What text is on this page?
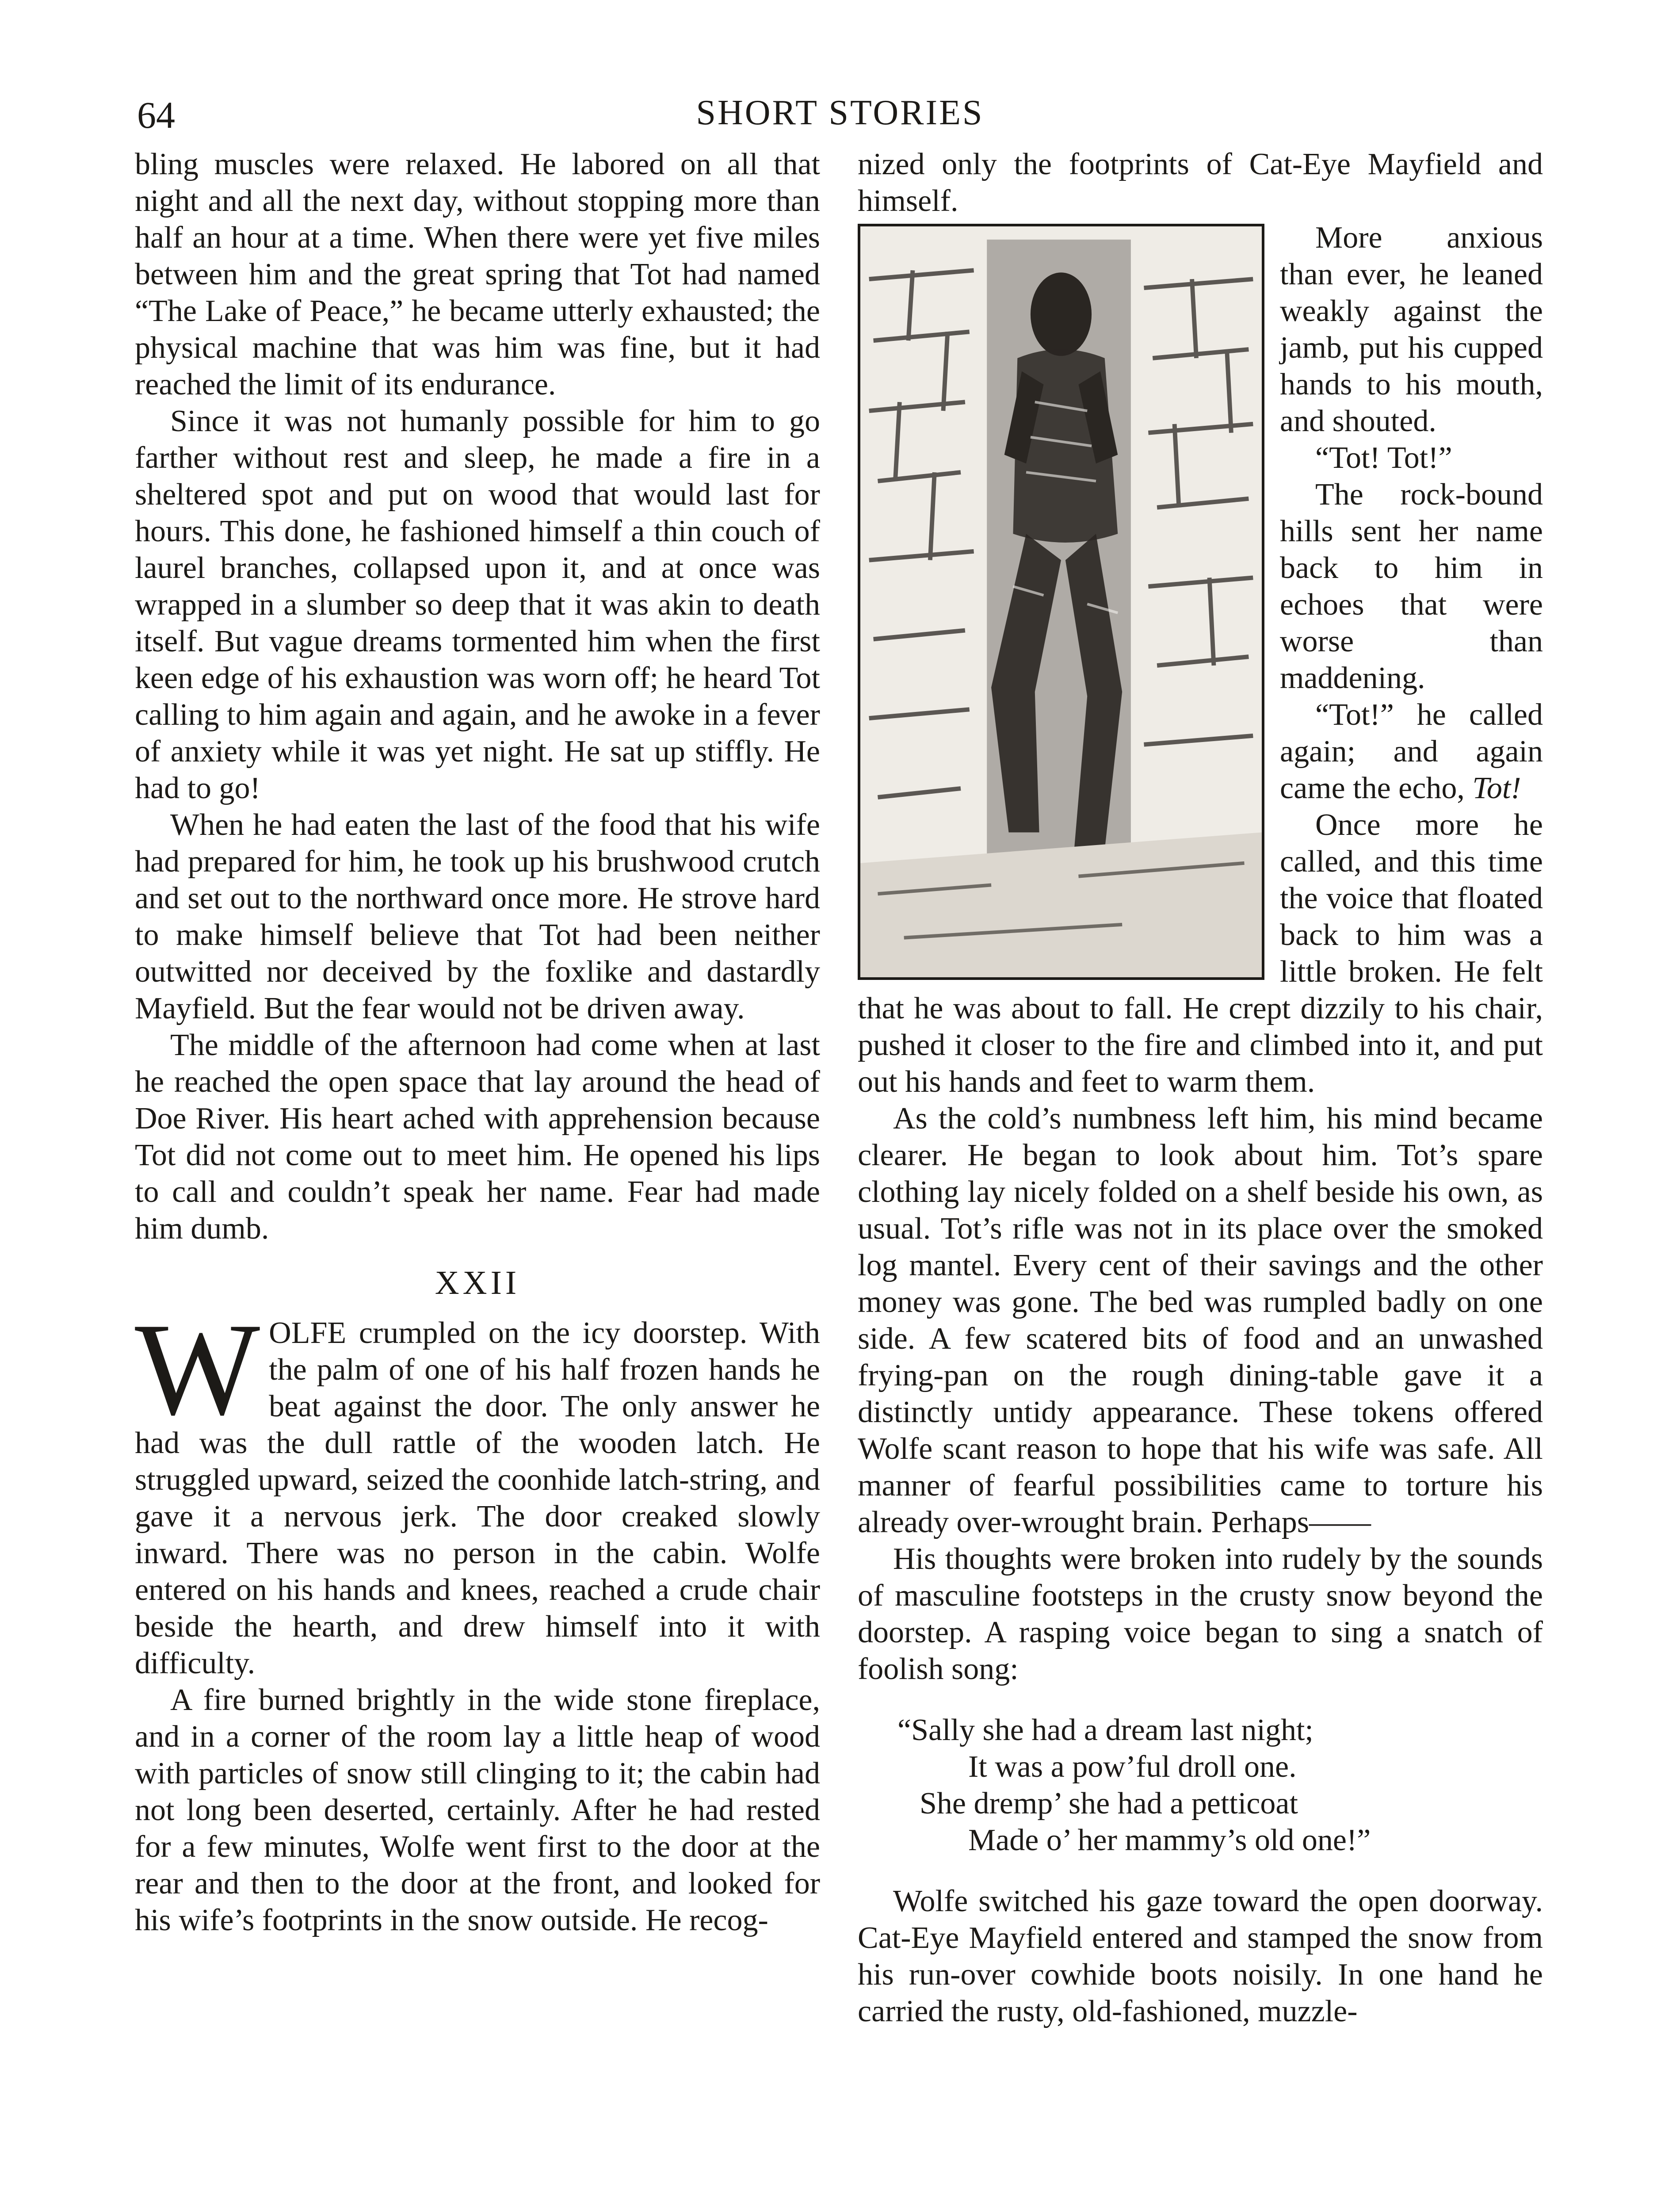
64	SHORT STORIES

bling muscles were relaxed. He labored on all that night and all the next day, without stopping more than half an hour at a time. When there were yet five miles between him and the great spring that Tot had named “The Lake of Peace,” he became utterly exhausted; the physical machine that was him was fine, but it had reached the limit of its endurance.

Since it was not humanly possible for him to go farther without rest and sleep, he made a fire in a sheltered spot and put on wood that would last for hours. This done, he fashioned himself a thin couch of laurel branches, collapsed upon it, and at once was wrapped in a slumber so deep that it was akin to death itself. But vague dreams tormented him when the first keen edge of his exhaustion was worn off; he heard Tot calling to him again and again, and he awoke in a fever of anxiety while it was yet night. He sat up stiffly. He had to go!

When he had eaten the last of the food that his wife had prepared for him, he took up his brushwood crutch and set out to the northward once more. He strove hard to make himself believe that Tot had been neither outwitted nor deceived by the foxlike and dastardly Mayfield. But the fear would not be driven away.

The middle of the afternoon had come when at last he reached the open space that lay around the head of Doe River. His heart ached with apprehension because Tot did not come out to meet him. He opened his lips to call and couldn’t speak her name. Fear had made him dumb.

XXII

WOLFE crumpled on the icy doorstep. With the palm of one of his half frozen hands he beat against the door. The only answer he had was the dull rattle of the wooden latch. He struggled upward, seized the coonhide latch-string, and gave it a nervous jerk. The door creaked slowly inward. There was no person in the cabin. Wolfe entered on his hands and knees, reached a crude chair beside the hearth, and drew himself into it with difficulty.

A fire burned brightly in the wide stone fireplace, and in a corner of the room lay a little heap of wood with particles of snow still clinging to it; the cabin had not long been deserted, certainly. After he had rested for a few minutes, Wolfe went first to the door at the rear and then to the door at the front, and looked for his wife’s footprints in the snow outside. He recog-

nized only the footprints of Cat-Eye Mayfield and himself.

More anxious than ever, he leaned weakly against the jamb, put his cupped hands to his mouth, and shouted.

“Tot! Tot!”

The rock-bound hills sent her name back to him in echoes that were worse than maddening.

“Tot!” he called again; and again came the echo, Tot!

Once more he called, and this time the voice that floated back to him was a little broken. He felt that he was about to fall. He crept dizzily to his chair, pushed it closer to the fire and climbed into it, and put out his hands and feet to warm them.

As the cold’s numbness left him, his mind became clearer. He began to look about him. Tot’s spare clothing lay nicely folded on a shelf beside his own, as usual. Tot’s rifle was not in its place over the smoked log mantel. Every cent of their savings and the other money was gone. The bed was rumpled badly on one side. A few scatered bits of food and an unwashed frying-pan on the rough dining-table gave it a distinctly untidy appearance. These tokens offered Wolfe scant reason to hope that his wife was safe. All manner of fearful possibilities came to torture his already over-wrought brain. Perhaps——

His thoughts were broken into rudely by the sounds of masculine footsteps in the crusty snow beyond the doorstep. A rasping voice began to sing a snatch of foolish song:

“Sally she had a dream last night;
It was a pow’ful droll one.
She dremp’ she had a petticoat
Made o’ her mammy’s old one!”

Wolfe switched his gaze toward the open doorway. Cat-Eye Mayfield entered and stamped the snow from his run-over cowhide boots noisily. In one hand he carried the rusty, old-fashioned, muzzle-
